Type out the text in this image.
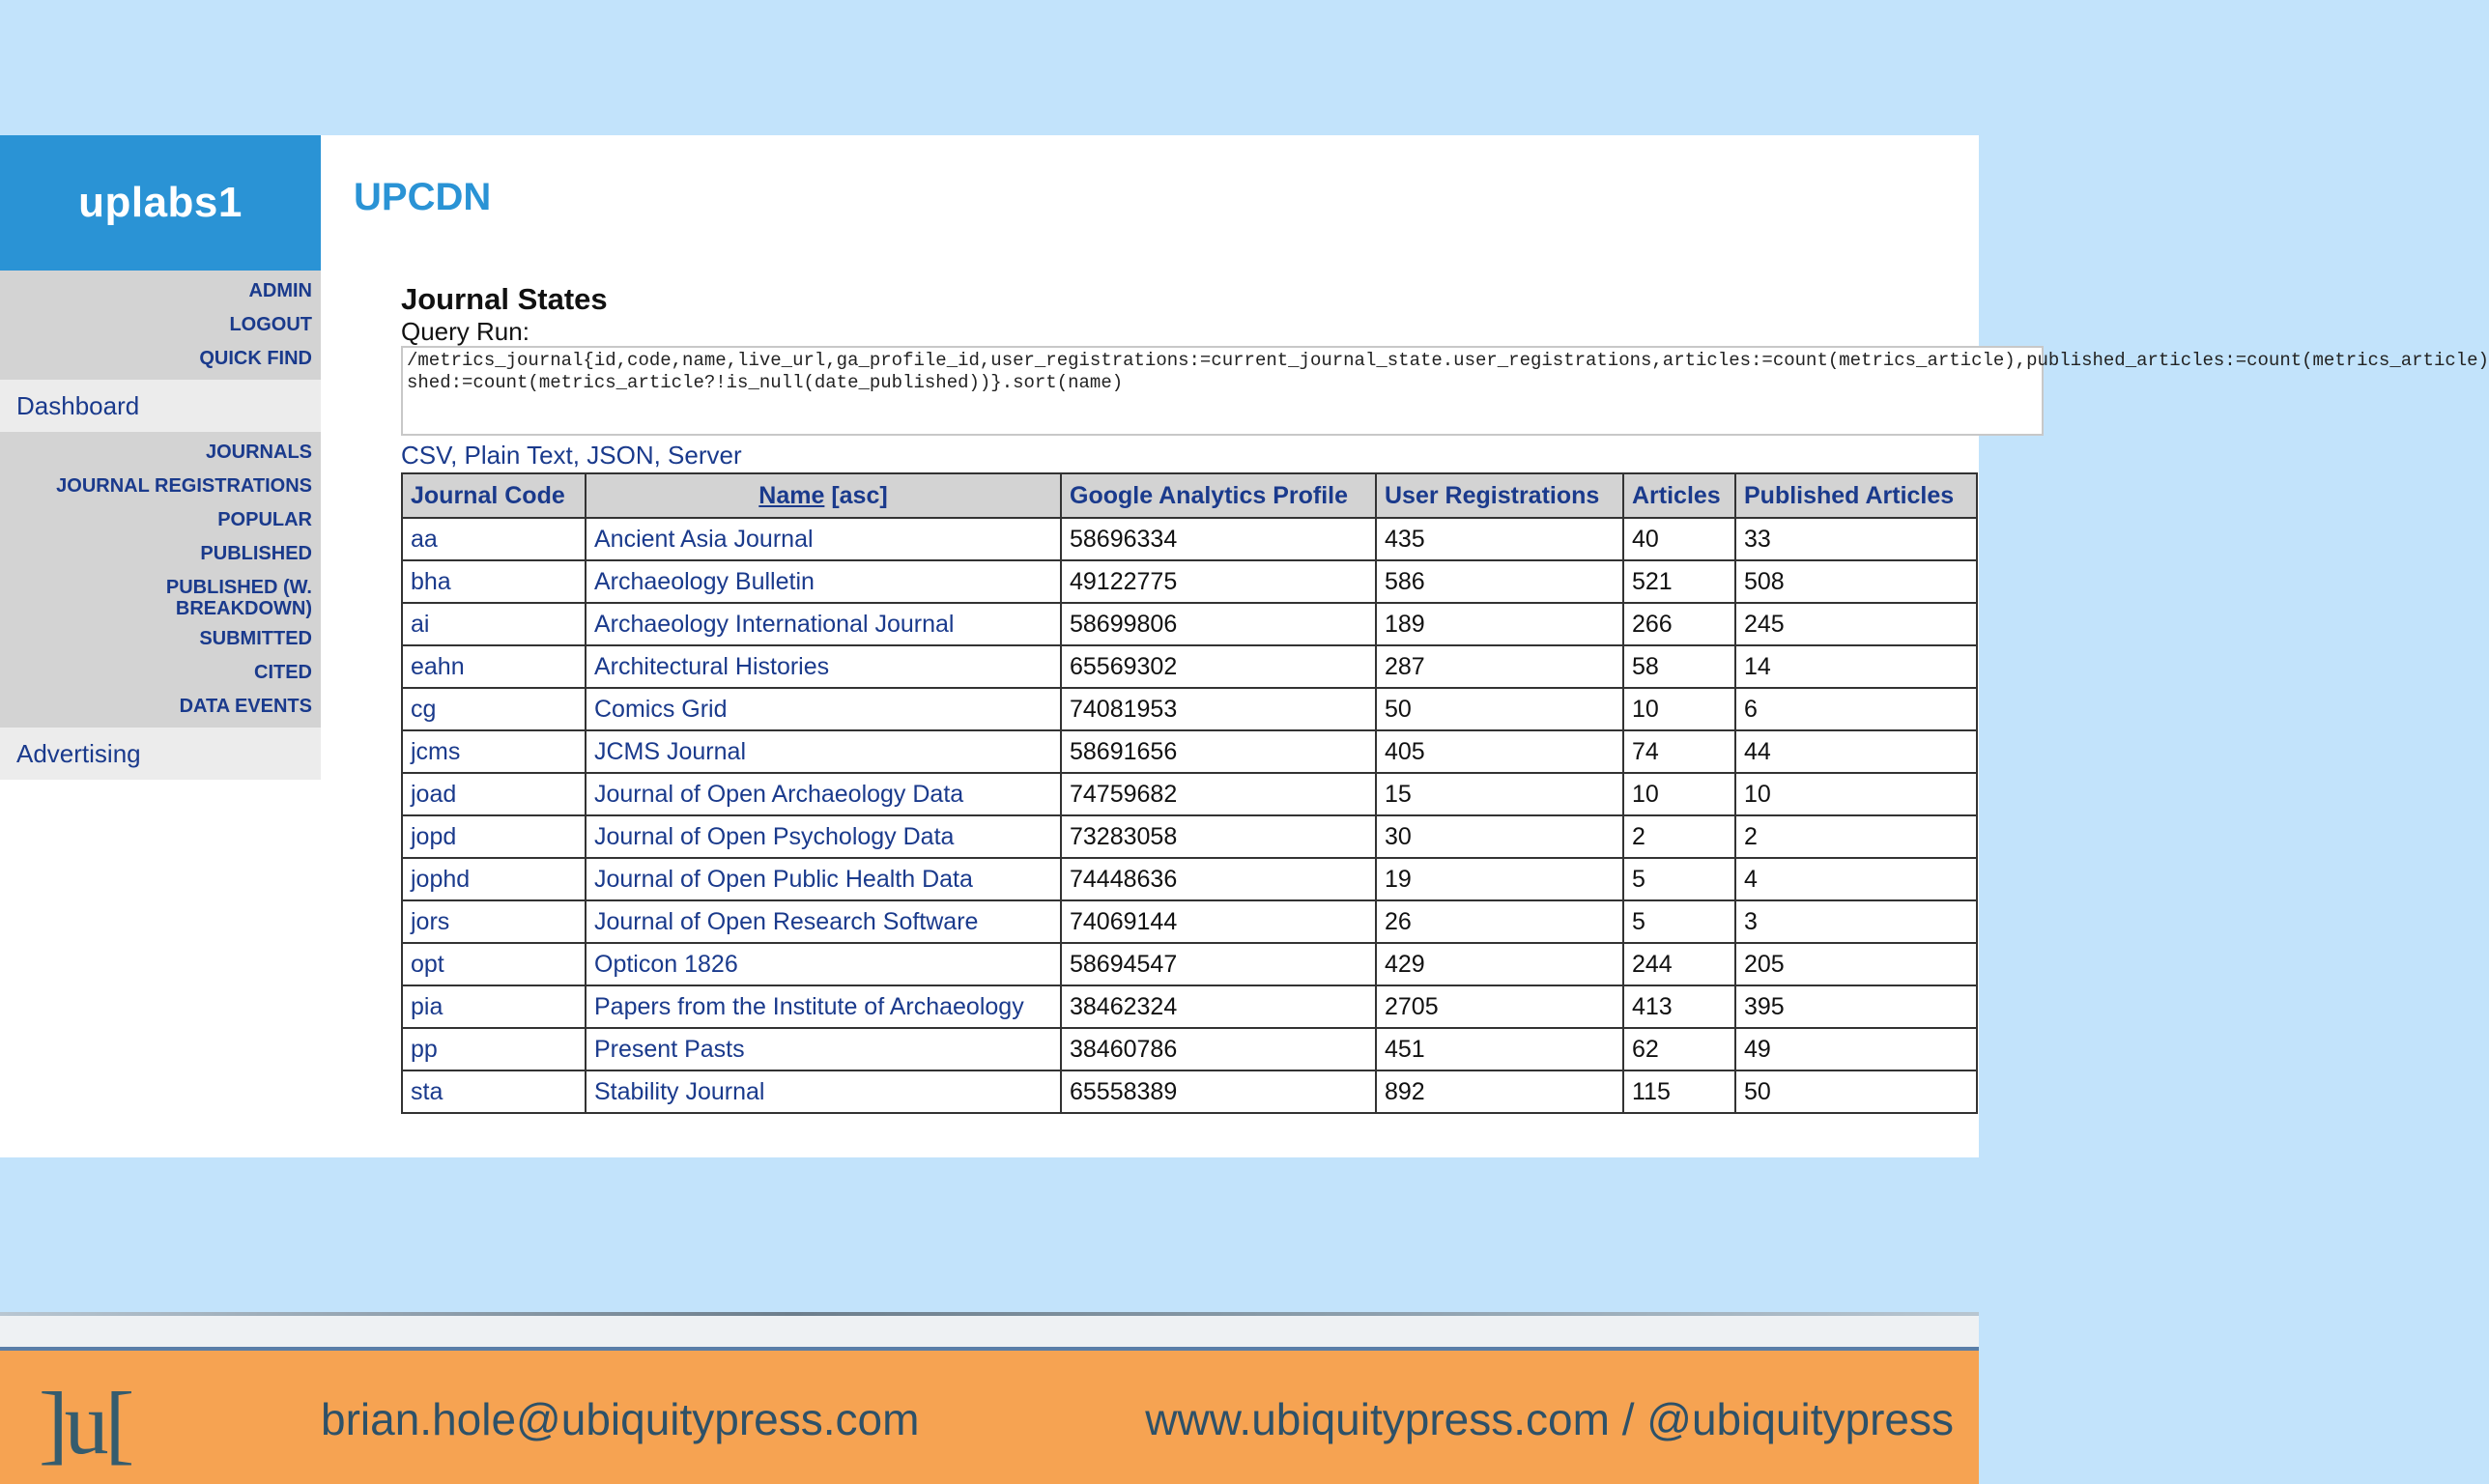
uplabs1
ADMIN
LOGOUT
QUICK FIND
Dashboard
JOURNALS
JOURNAL REGISTRATIONS
POPULAR
PUBLISHED
PUBLISHED (W. BREAKDOWN)
SUBMITTED
CITED
DATA EVENTS
Advertising
UPCDN
Journal States
Query Run:
/metrics_journal{id,code,name,live_url,ga_profile_id,user_registrations:=current_journal_state.user_registrations,articles:=count(metrics_article),published_articles:=count(metrics_article)
shed:=count(metrics_article?!is_null(date_published))}.sort(name)
CSV, Plain Text, JSON, Server
Journal Code	Name [asc]	Google Analytics Profile	User Registrations	Articles	Published Articles
aa	Ancient Asia Journal	58696334	435	40	33
bha	Archaeology Bulletin	49122775	586	521	508
ai	Archaeology International Journal	58699806	189	266	245
eahn	Architectural Histories	65569302	287	58	14
cg	Comics Grid	74081953	50	10	6
jcms	JCMS Journal	58691656	405	74	44
joad	Journal of Open Archaeology Data	74759682	15	10	10
jopd	Journal of Open Psychology Data	73283058	30	2	2
jophd	Journal of Open Public Health Data	74448636	19	5	4
jors	Journal of Open Research Software	74069144	26	5	3
opt	Opticon 1826	58694547	429	244	205
pia	Papers from the Institute of Archaeology	38462324	2705	413	395
pp	Present Pasts	38460786	451	62	49
sta	Stability Journal	65558389	892	115	50
]u[	brian.hole@ubiquitypress.com	www.ubiquitypress.com / @ubiquitypress
